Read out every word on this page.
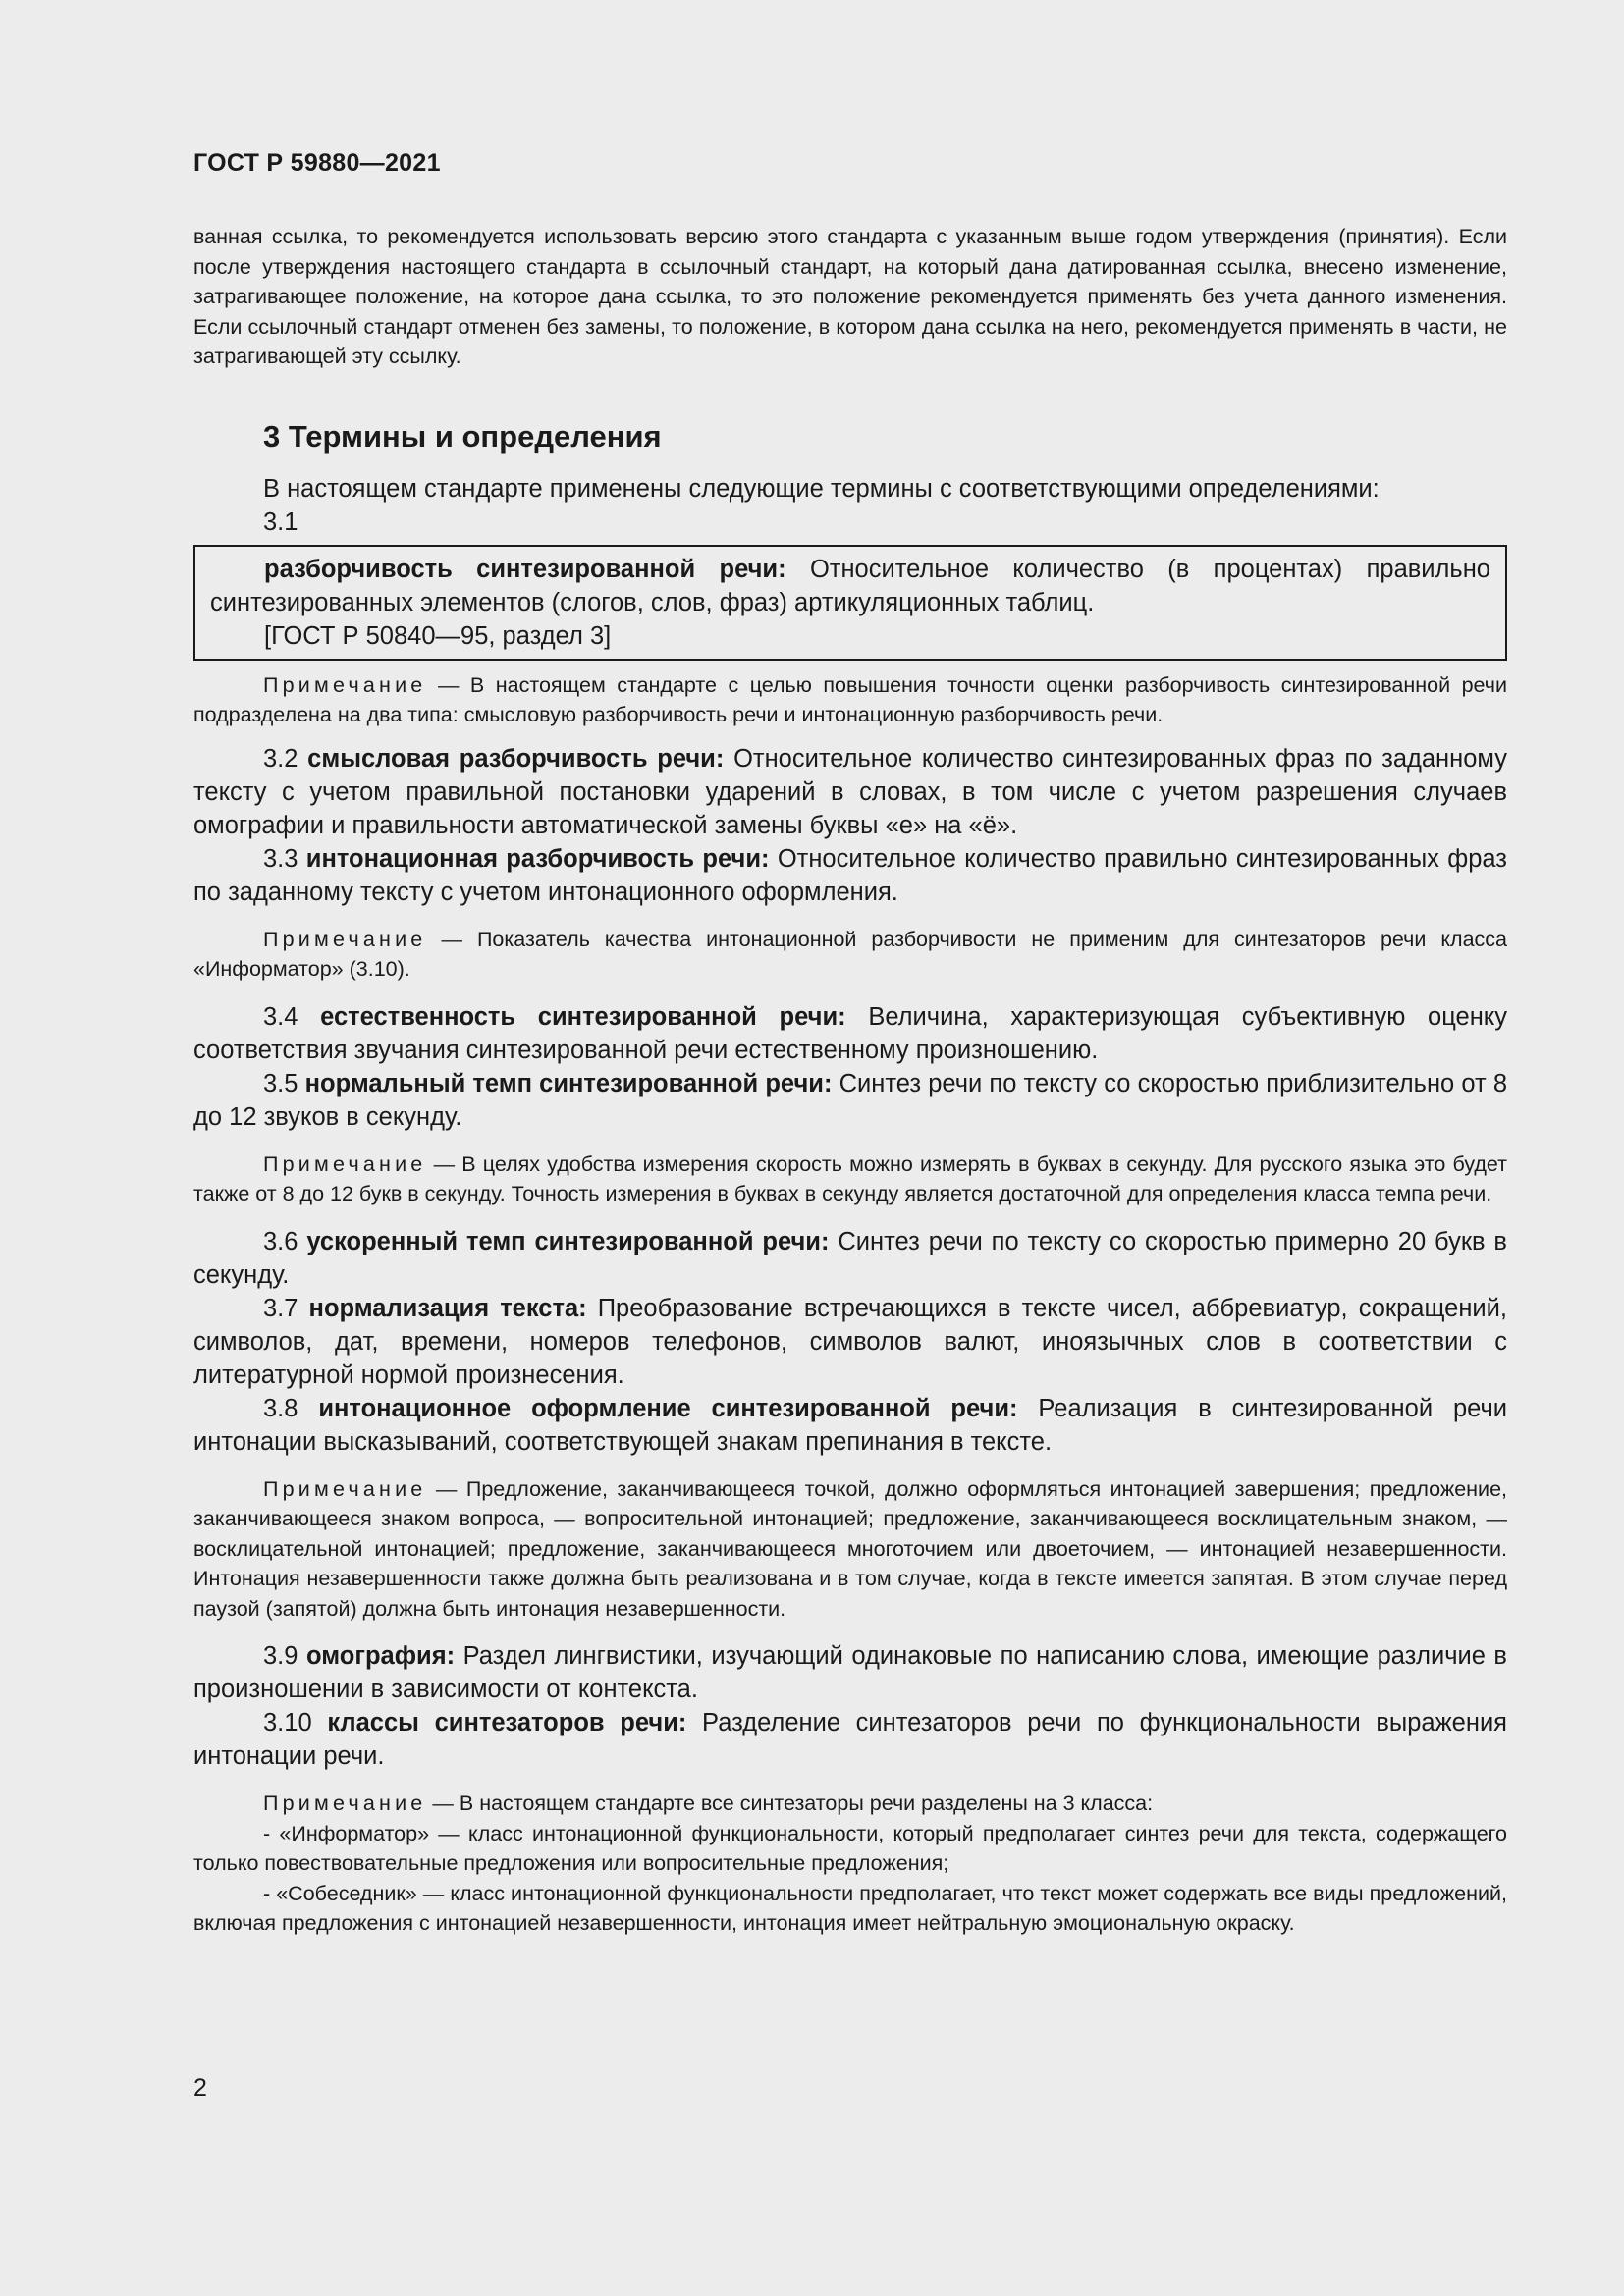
ГОСТ Р 59880—2021

ванная ссылка, то рекомендуется использовать версию этого стандарта с указанным выше годом утверждения (принятия). Если после утверждения настоящего стандарта в ссылочный стандарт, на который дана датированная ссылка, внесено изменение, затрагивающее положение, на которое дана ссылка, то это положение рекомендуется применять без учета данного изменения. Если ссылочный стандарт отменен без замены, то положение, в котором дана ссылка на него, рекомендуется применять в части, не затрагивающей эту ссылку.

3 Термины и определения

В настоящем стандарте применены следующие термины с соответствующими определениями:

3.1

разборчивость синтезированной речи: Относительное количество (в процентах) правильно синтезированных элементов (слогов, слов, фраз) артикуляционных таблиц.

[ГОСТ Р 50840—95, раздел 3]

Примечание — В настоящем стандарте с целью повышения точности оценки разборчивость синтезированной речи подразделена на два типа: смысловую разборчивость речи и интонационную разборчивость речи.

3.2 смысловая разборчивость речи: Относительное количество синтезированных фраз по заданному тексту с учетом правильной постановки ударений в словах, в том числе с учетом разрешения случаев омографии и правильности автоматической замены буквы «е» на «ё».

3.3 интонационная разборчивость речи: Относительное количество правильно синтезированных фраз по заданному тексту с учетом интонационного оформления.

Примечание — Показатель качества интонационной разборчивости не применим для синтезаторов речи класса «Информатор» (3.10).

3.4 естественность синтезированной речи: Величина, характеризующая субъективную оценку соответствия звучания синтезированной речи естественному произношению.

3.5 нормальный темп синтезированной речи: Синтез речи по тексту со скоростью приблизительно от 8 до 12 звуков в секунду.

Примечание — В целях удобства измерения скорость можно измерять в буквах в секунду. Для русского языка это будет также от 8 до 12 букв в секунду. Точность измерения в буквах в секунду является достаточной для определения класса темпа речи.

3.6 ускоренный темп синтезированной речи: Синтез речи по тексту со скоростью примерно 20 букв в секунду.

3.7 нормализация текста: Преобразование встречающихся в тексте чисел, аббревиатур, сокращений, символов, дат, времени, номеров телефонов, символов валют, иноязычных слов в соответствии с литературной нормой произнесения.

3.8 интонационное оформление синтезированной речи: Реализация в синтезированной речи интонации высказываний, соответствующей знакам препинания в тексте.

Примечание — Предложение, заканчивающееся точкой, должно оформляться интонацией завершения; предложение, заканчивающееся знаком вопроса, — вопросительной интонацией; предложение, заканчивающееся восклицательным знаком, — восклицательной интонацией; предложение, заканчивающееся многоточием или двоеточием, — интонацией незавершенности. Интонация незавершенности также должна быть реализована и в том случае, когда в тексте имеется запятая. В этом случае перед паузой (запятой) должна быть интонация незавершенности.

3.9 омография: Раздел лингвистики, изучающий одинаковые по написанию слова, имеющие различие в произношении в зависимости от контекста.

3.10 классы синтезаторов речи: Разделение синтезаторов речи по функциональности выражения интонации речи.

Примечание — В настоящем стандарте все синтезаторы речи разделены на 3 класса:

- «Информатор» — класс интонационной функциональности, который предполагает синтез речи для текста, содержащего только повествовательные предложения или вопросительные предложения;

- «Собеседник» — класс интонационной функциональности предполагает, что текст может содержать все виды предложений, включая предложения с интонацией незавершенности, интонация имеет нейтральную эмоциональную окраску.

2
